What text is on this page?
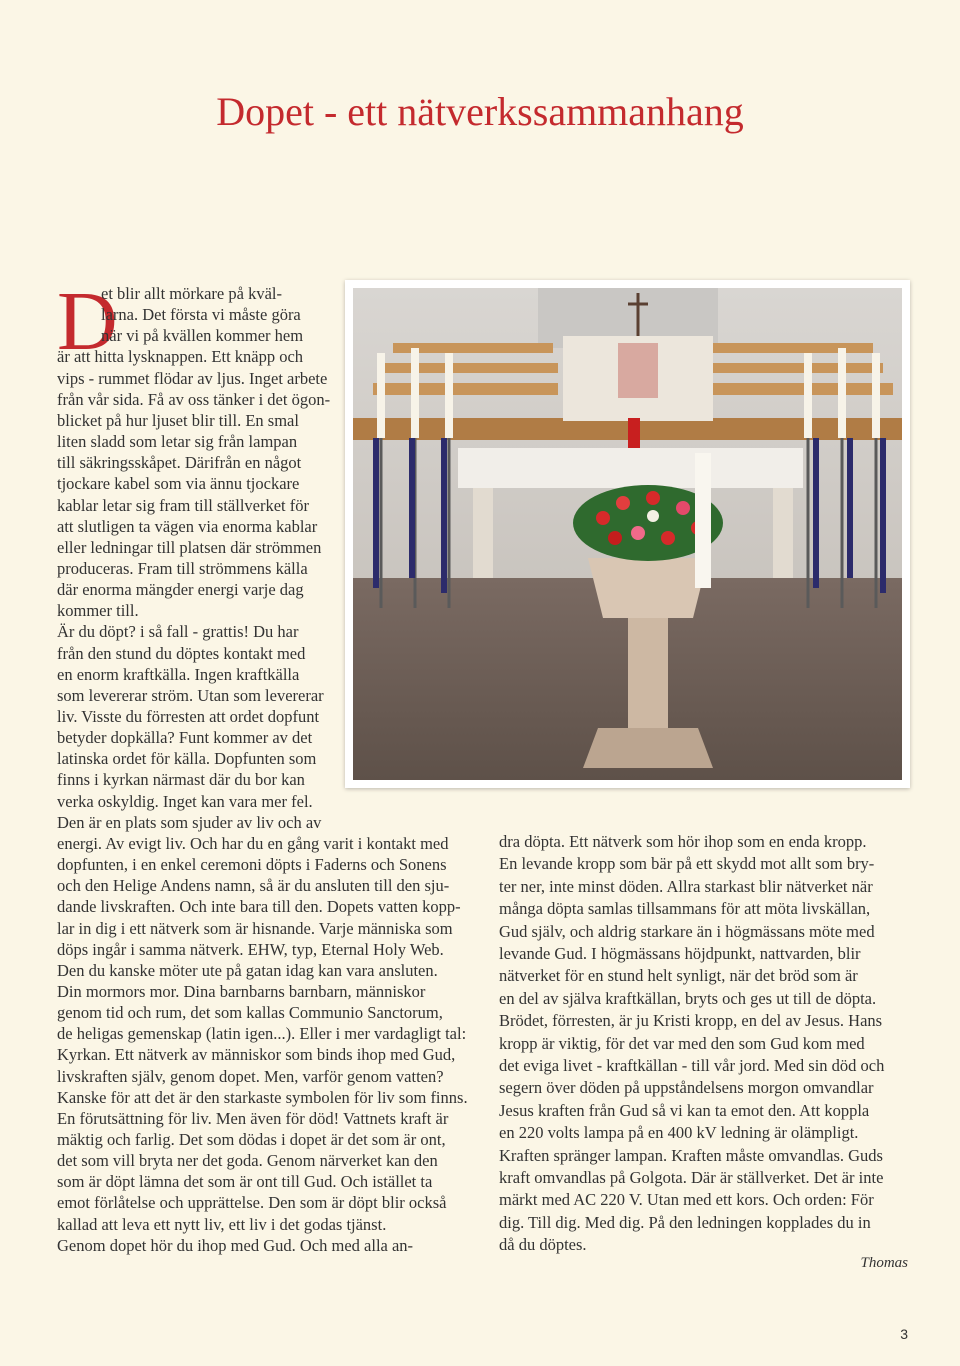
Dopet - ett nätverkssammanhang
D
et blir allt mörkare på kväl-
larna. Det första vi måste göra
när vi på kvällen kommer hem
är att hitta lysknappen. Ett knäpp och
vips - rummet flödar av ljus. Inget arbete
från vår sida. Få av oss tänker i det ögon-
blicket på hur ljuset blir till. En smal
liten sladd som letar sig från lampan
till säkringsskåpet. Därifrån en något
tjockare kabel som via ännu tjockare
kablar letar sig fram till ställverket för
att slutligen ta vägen via enorma kablar
eller ledningar till platsen där strömmen
produceras. Fram till strömmens källa
där enorma mängder energi varje dag
kommer till.
Är du döpt? i så fall - grattis! Du har
från den stund du döptes kontakt med
en enorm kraftkälla. Ingen kraftkälla
som levererar ström. Utan som levererar
liv. Visste du förresten att ordet dopfunt
betyder dopkälla? Funt kommer av det
latinska ordet för källa. Dopfunten som
finns i kyrkan närmast där du bor kan
verka oskyldig. Inget kan vara mer fel.
Den är en plats som sjuder av liv och av
energi. Av evigt liv. Och har du en gång varit i kontakt med
dopfunten, i en enkel ceremoni döpts i Faderns och Sonens
och den Helige Andens namn, så är du ansluten till den sju-
dande livskraften. Och inte bara till den. Dopets vatten kopp-
lar in dig i ett nätverk som är hisnande. Varje människa som
döps ingår i samma nätverk. EHW, typ, Eternal Holy Web.
Den du kanske möter ute på gatan idag kan vara ansluten.
Din mormors mor. Dina barnbarns barnbarn, människor
genom tid och rum, det som kallas Communio Sanctorum,
de heligas gemenskap (latin igen...). Eller i mer vardagligt tal:
Kyrkan. Ett nätverk av människor som binds ihop med Gud,
livskraften själv, genom dopet. Men, varför genom vatten?
Kanske för att det är den starkaste symbolen för liv som finns.
En förutsättning för liv. Men även för död! Vattnets kraft är
mäktig och farlig. Det som dödas i dopet är det som är ont,
det som vill bryta ner det goda. Genom närverket kan den
som är döpt lämna det som är ont till Gud. Och istället ta
emot förlåtelse och upprättelse. Den som är döpt blir också
kallad att leva ett nytt liv, ett liv i det godas tjänst.
Genom dopet hör du ihop med Gud. Och med alla an-
dra döpta. Ett nätverk som hör ihop som en enda kropp.
En levande kropp som bär på ett skydd mot allt som bry-
ter ner, inte minst döden. Allra starkast blir nätverket när
många döpta samlas tillsammans för att möta livskällan,
Gud själv, och aldrig starkare än i högmässans möte med
levande Gud. I högmässans höjdpunkt, nattvarden, blir
nätverket för en stund helt synligt, när det bröd som är
en del av själva kraftkällan, bryts och ges ut till de döpta.
Brödet, förresten, är ju Kristi kropp, en del av Jesus. Hans
kropp är viktig, för det var med den som Gud kom med
det eviga livet - kraftkällan - till vår jord. Med sin död och
segern över döden på uppståndelsens morgon omvandlar
Jesus kraften från Gud så vi kan ta emot den. Att koppla
en 220 volts lampa på en 400 kV ledning är olämpligt.
Kraften spränger lampan. Kraften måste omvandlas. Guds
kraft omvandlas på Golgota. Där är ställverket. Det är inte
märkt med AC 220 V. Utan med ett kors. Och orden: För
dig. Till dig. Med dig. På den ledningen kopplades du in
då du döptes.
Thomas
3
